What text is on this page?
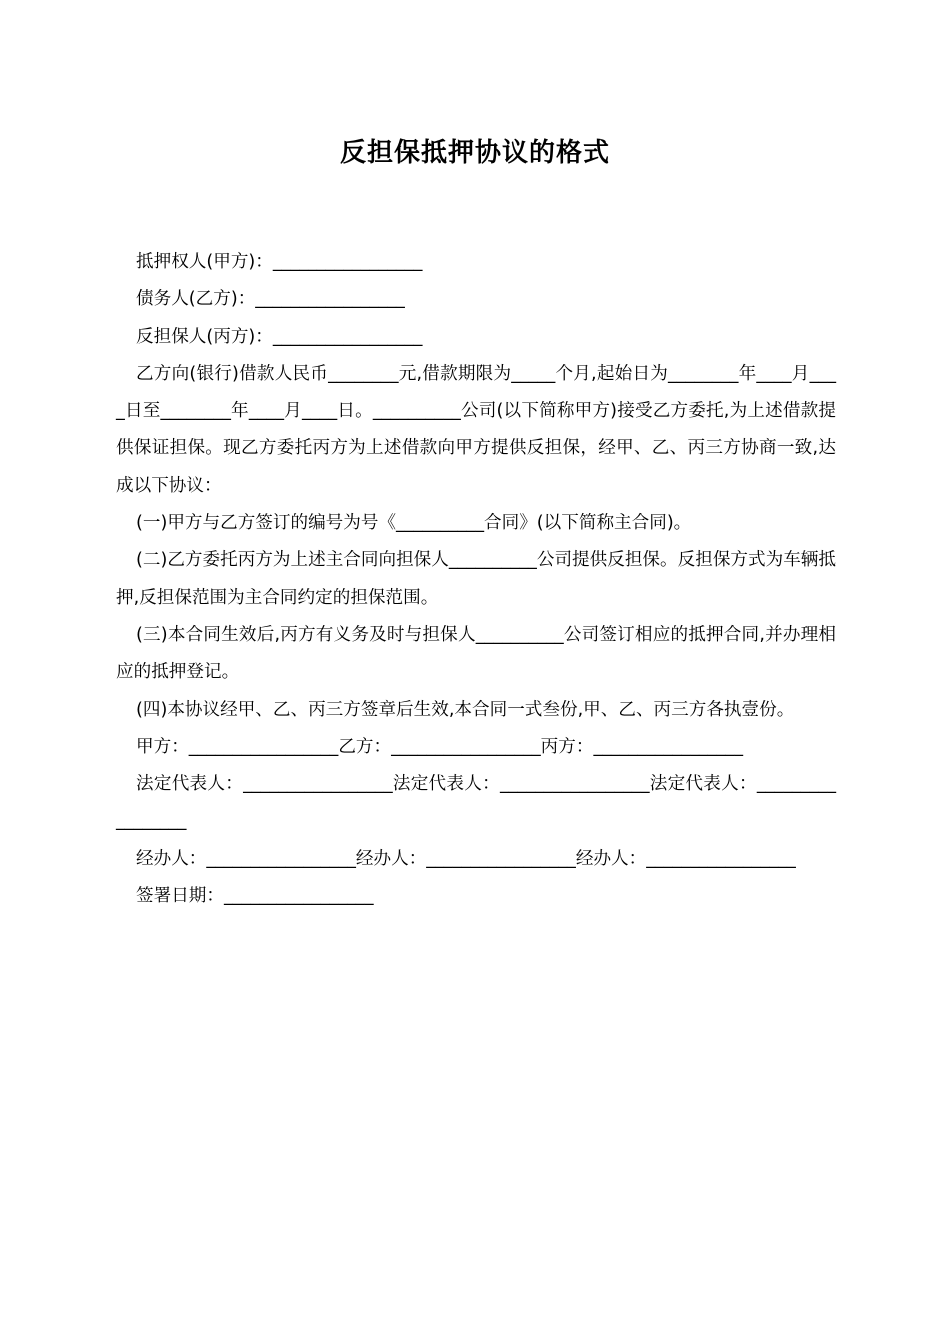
反担保抵押协议的格式

抵押权人(甲方)：_________________

债务人(乙方)：_________________

反担保人(丙方)：_________________

乙方向(银行)借款人民币________元,借款期限为_____个月,起始日为________年____月____日至________年____月____日。__________公司(以下简称甲方)接受乙方委托,为上述借款提供保证担保。现乙方委托丙方为上述借款向甲方提供反担保，经甲、乙、丙三方协商一致,达成以下协议：

(一)甲方与乙方签订的编号为号《__________合同》(以下简称主合同)。

(二)乙方委托丙方为上述主合同向担保人__________公司提供反担保。反担保方式为车辆抵押,反担保范围为主合同约定的担保范围。

(三)本合同生效后,丙方有义务及时与担保人__________公司签订相应的抵押合同,并办理相应的抵押登记。

(四)本协议经甲、乙、丙三方签章后生效,本合同一式叁份,甲、乙、丙三方各执壹份。

甲方：_________________乙方：_________________丙方：_________________

法定代表人：_________________法定代表人：_________________法定代表人：_________________

经办人：_________________经办人：_________________经办人：_________________

签署日期：_________________
